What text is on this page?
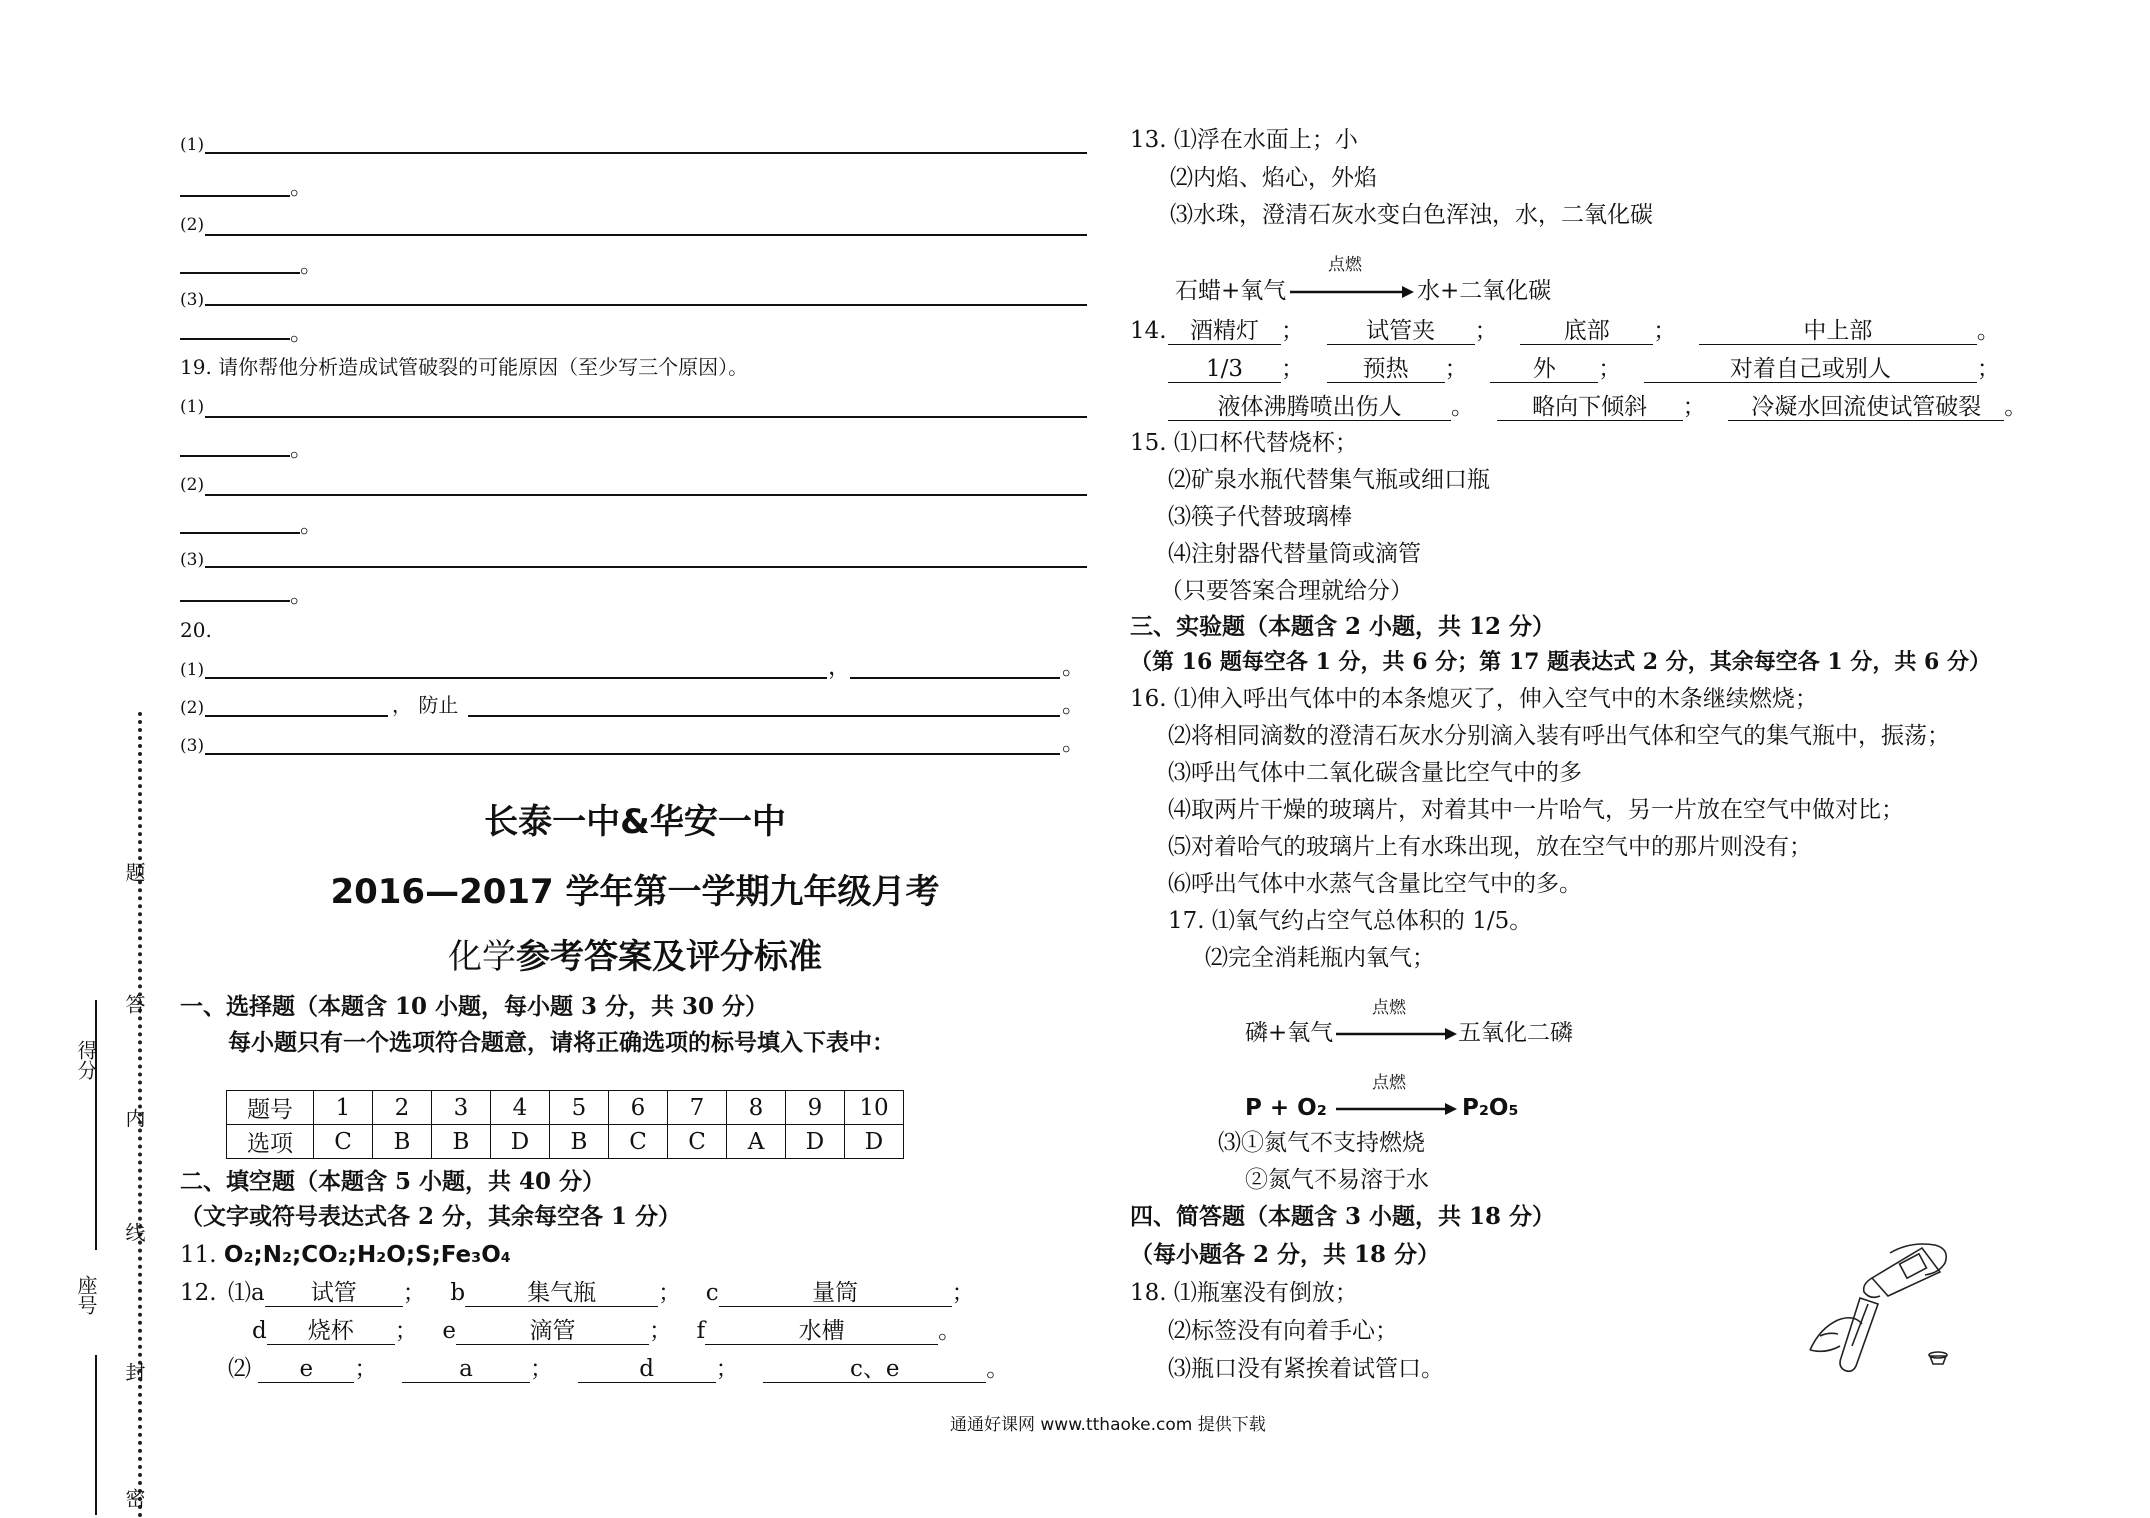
(1)
。
(2)
。
(3)
。
19. 请你帮他分析造成试管破裂的可能原因（至少写三个原因）。
(1)
。
(2)
。
(3)
。
20.
(1)	，	。
(2)	， 防止	。
(3)	。
长泰一中&华安一中
2016—2017 学年第一学期九年级月考
化学参考答案及评分标准
一、选择题（本题含 10 小题，每小题 3 分，共 30 分）
每小题只有一个选项符合题意，请将正确选项的标号填入下表中：
题号	1	2	3	4	5	6	7	8	9	10
选项	C	B	B	D	B	C	C	A	D	D
二、填空题（本题含 5 小题，共 40 分）
（文字或符号表达式各 2 分，其余每空各 1 分）
11. O₂;N₂;CO₂;H₂O;S;Fe₃O₄
12. ⑴a 试管 ； b	集气瓶	； c	量筒	；
d 烧杯 ； e	滴管	； f	水槽	。
⑵ e ；	a ；	d	；	c、e	。
得分
座号
题
答
内
线
封
密
通通好课网 www.tthaoke.com 提供下载
13. ⑴浮在水面上；小
⑵内焰、焰心，外焰
⑶水珠，澄清石灰水变白色浑浊，水，二氧化碳
点燃
石蜡+氧气	水+二氧化碳
14.	酒精灯 ；	试管夹 ；	底部 ；	中上部	。
1/3 ；	预热 ；	外 ；	对着自己或别人	；
液体沸腾喷出伤人 。	略向下倾斜 ； 冷凝水回流使试管破裂 。
15. ⑴口杯代替烧杯；
⑵矿泉水瓶代替集气瓶或细口瓶
⑶筷子代替玻璃棒
⑷注射器代替量筒或滴管
（只要答案合理就给分）
三、实验题（本题含 2 小题，共 12 分）
（第 16 题每空各 1 分，共 6 分；第 17 题表达式 2 分，其余每空各 1 分，共 6 分）
16. ⑴伸入呼出气体中的本条熄灭了，伸入空气中的木条继续燃烧；
⑵将相同滴数的澄清石灰水分别滴入装有呼出气体和空气的集气瓶中，振荡；
⑶呼出气体中二氧化碳含量比空气中的多
⑷取两片干燥的玻璃片，对着其中一片哈气，另一片放在空气中做对比；
⑸对着哈气的玻璃片上有水珠出现，放在空气中的那片则没有；
⑹呼出气体中水蒸气含量比空气中的多。
17. ⑴氧气约占空气总体积的 1/5。
⑵完全消耗瓶内氧气；
点燃
磷+氧气	五氧化二磷
点燃
P + O₂	P₂O₅
⑶①氮气不支持燃烧
②氮气不易溶于水
四、简答题（本题含 3 小题，共 18 分）
（每小题各 2 分，共 18 分）
18. ⑴瓶塞没有倒放；
⑵标签没有向着手心；
⑶瓶口没有紧挨着试管口。
